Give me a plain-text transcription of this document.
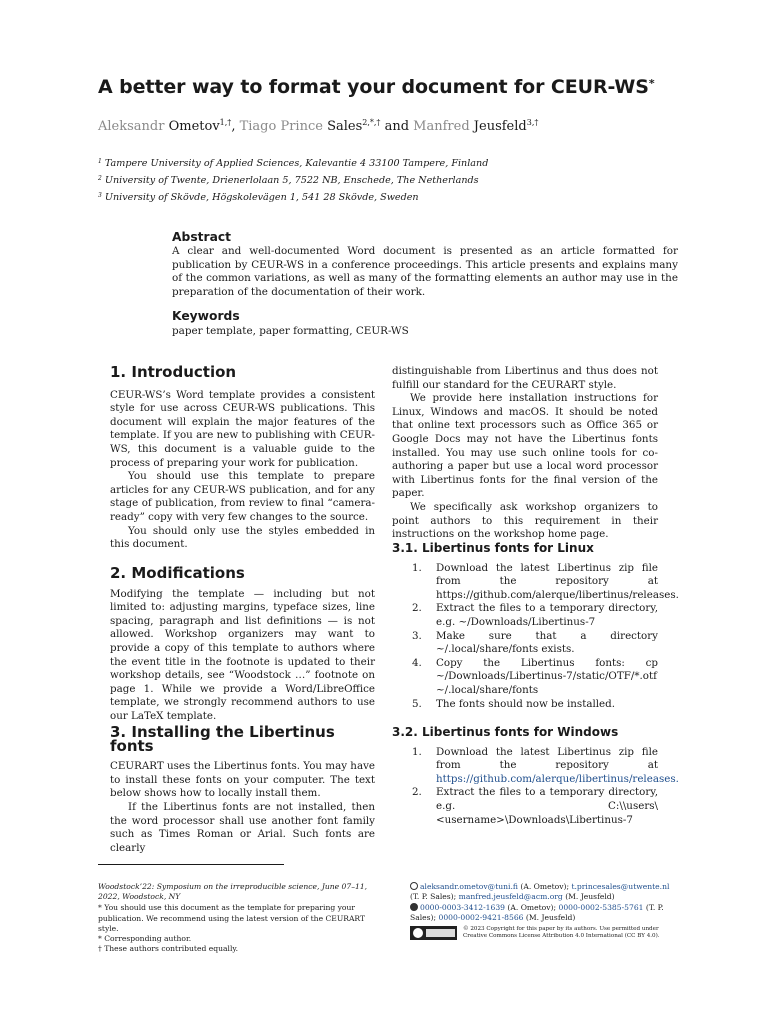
A better way to format your document for CEUR-WS*
Aleksandr Ometov$^{1,\dagger}$, Tiago Prince Sales$^{2,*,\dagger}$ and Manfred Jeusfeld$^{3,\dagger}$
$^1$ Tampere University of Applied Sciences, Kalevantie 4 33100 Tampere, Finland
$^2$ University of Twente, Drienerlolaan 5, 7522 NB, Enschede, The Netherlands
$^3$ University of Skövde, Högskolevägen 1, 541 28 Skövde, Sweden
Abstract

A clear and well-documented Word document is presented as an article formatted for publication by CEUR-WS in a conference proceedings. This article presents and explains many of the common variations, as well as many of the formatting elements an author may use in the preparation of the documentation of their work.

Keywords

paper template, paper formatting, CEUR-WS

1. Introduction

CEUR-WS’s Word template provides a consistent style for use across CEUR-WS publications. This document will explain the major features of the template. If you are new to publishing with CEUR-WS, this document is a valuable guide to the process of preparing your work for publication.

You should use this template to prepare articles for any CEUR-WS publication, and for any stage of publication, from review to final “camera-ready” copy with very few changes to the source.

You should only use the styles embedded in this document.

2. Modifications

Modifying the template — including but not limited to: adjusting margins, typeface sizes, line spacing, paragraph and list definitions — is not allowed. Workshop organizers may want to provide a copy of this template to authors where the event title in the footnote is updated to their workshop details, see “Woodstock …” footnote on page 1. While we provide a Word/LibreOffice template, we strongly recommend authors to use our LaTeX template.

3. Installing the Libertinus fonts

CEURART uses the Libertinus fonts. You may have to install these fonts on your computer. The text below shows how to locally install them.

If the Libertinus fonts are not installed, then the word processor shall use another font family such as Times Roman or Arial. Such fonts are clearly

distinguishable from Libertinus and thus does not fulfill our standard for the CEURART style.

We provide here installation instructions for Linux, Windows and macOS. It should be noted that online text processors such as Office 365 or Google Docs may not have the Libertinus fonts installed. You may use such online tools for co-authoring a paper but use a local word processor with Libertinus fonts for the final version of the paper.

We specifically ask workshop organizers to point authors to this requirement in their instructions on the workshop home page.

3.1. Libertinus fonts for Linux
1. Download the latest Libertinus zip file from the repository at https://github.com/alerque/libertinus/releases.

2. Extract the files to a temporary directory, e.g. ~/Downloads/Libertinus-7

3. Make sure that a directory ~/.local/share/fonts exists.

4. Copy the Libertinus fonts: cp ~/Downloads/Libertinus-7/static/OTF/*.otf ~/.local/share/fonts

5. The fonts should now be installed.

3.2. Libertinus fonts for Windows
1. Download the latest Libertinus zip file from the repository at https://github.com/alerque/libertinus/releases.

2. Extract the files to a temporary directory, e.g. C:\\users\<username>\Downloads\Libertinus-7

Woodstock’22: Symposium on the irreproducible science, June 07–11, 2022, Woodstock, NY

* You should use this document as the template for preparing your publication. We recommend using the latest version of the CEURART style.

* Corresponding author.

† These authors contributed equally.

aleksandr.ometov@tuni.fi (A. Ometov); t.princesales@utwente.nl (T. P. Sales); manfred.jeusfeld@acm.org (M. Jeusfeld)

0000-0003-3412-1639 (A. Ometov); 0000-0002-5385-5761 (T. P. Sales); 0000-0002-9421-8566 (M. Jeusfeld)

© 2023 Copyright for this paper by its authors. Use permitted under Creative Commons License Attribution 4.0 International (CC BY 4.0).
